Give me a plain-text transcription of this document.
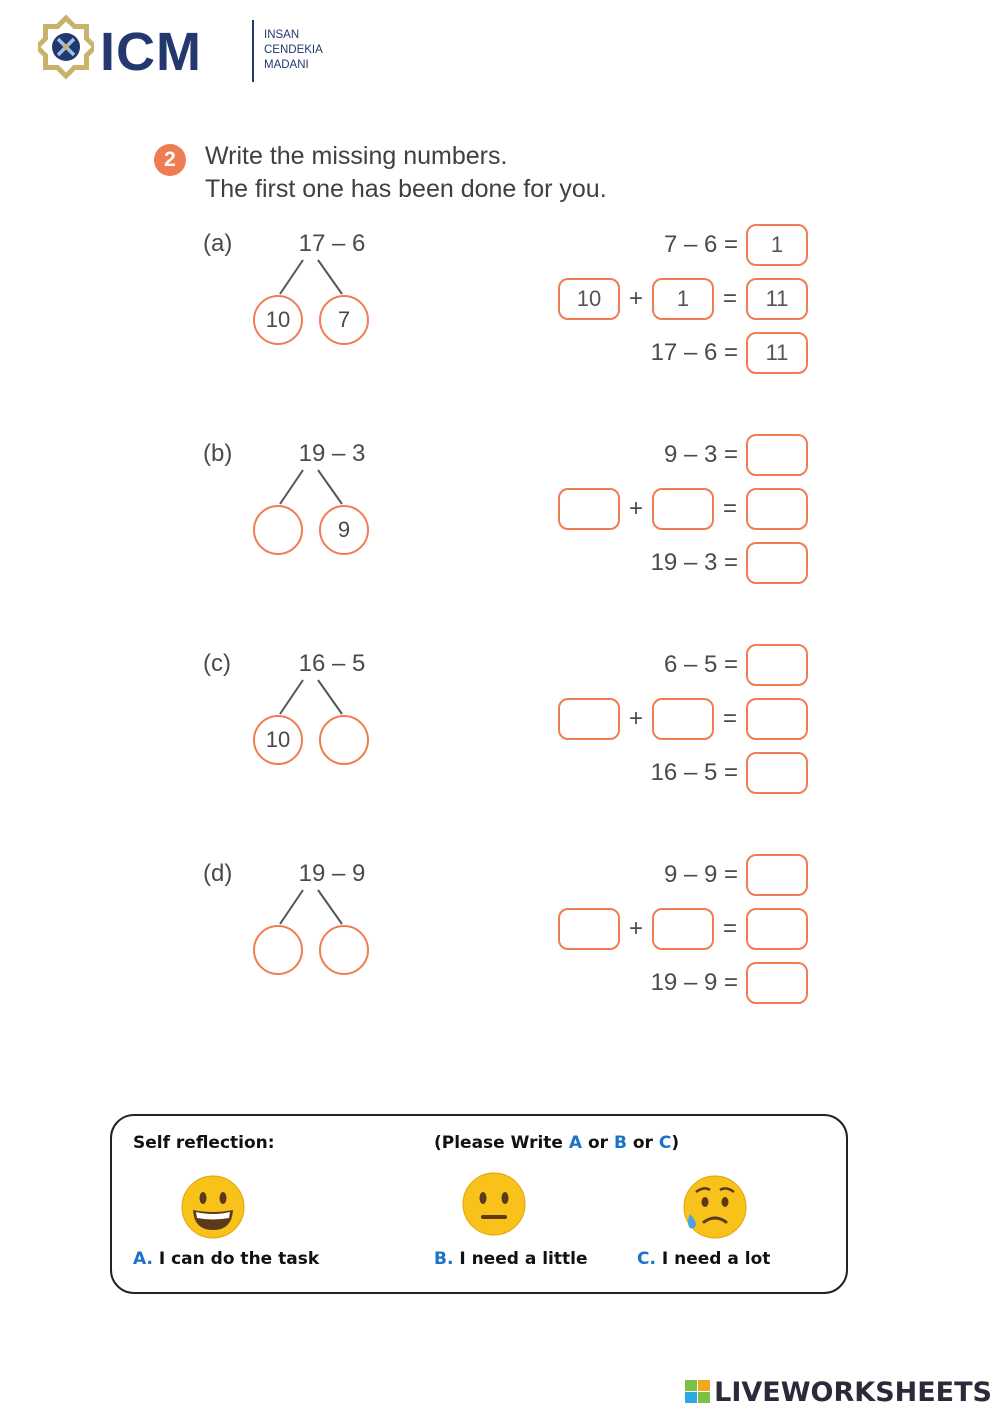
ICM	INSAN
CENDEKIA
MADANI
2	Write the missing numbers.
The first one has been done for you.
(a)	17 – 6
10	7
7 – 6 =	1
10	+	1	=	11
17 – 6 =	11
(b)	19 – 3
9
9 – 3 =
+	=
19 – 3 =
(c)	16 – 5
10
6 – 5 =
+	=
16 – 5 =
(d)	19 – 9	9 – 9 =
+	=
19 – 9 =
Self reflection:	(Please Write A or B or C)
A. I can do the task	B. I need a little	C. I need a lot
LIVEWORKSHEETS
